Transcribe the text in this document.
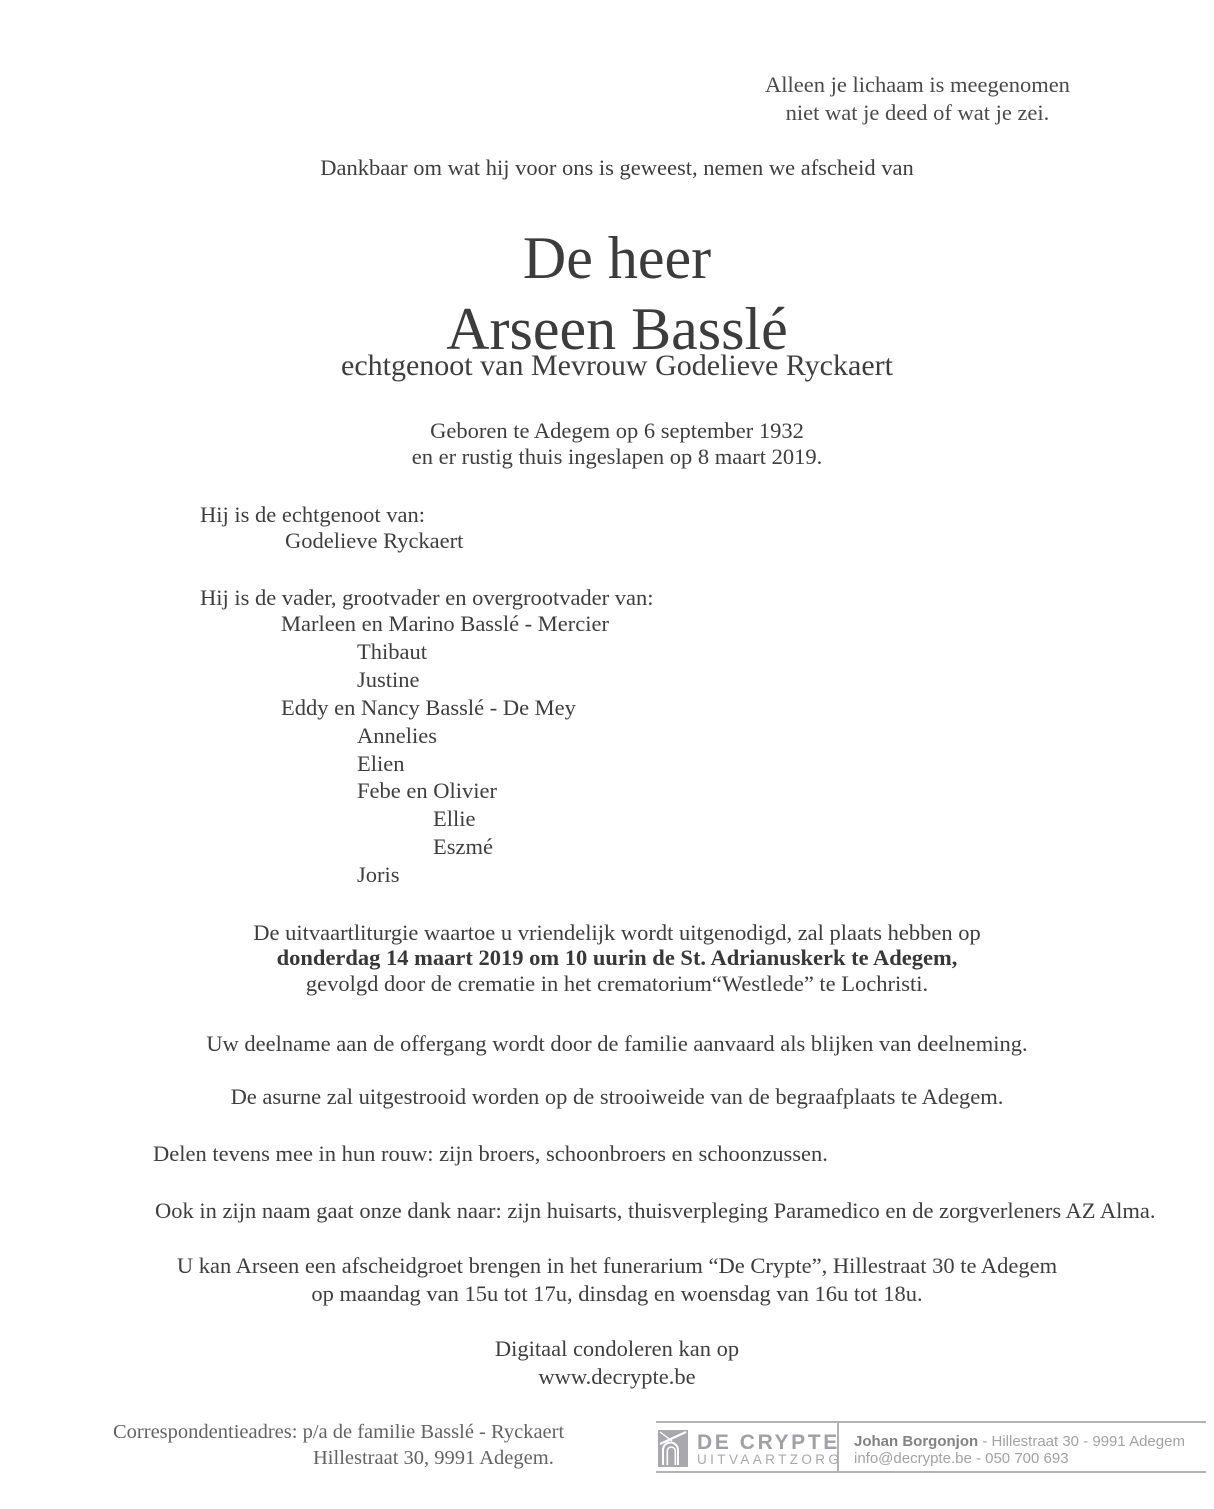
Alleen je lichaam is meegenomen
niet wat je deed of wat je zei.
Dankbaar om wat hij voor ons is geweest, nemen we afscheid van
De heer
Arseen Basslé
echtgenoot van Mevrouw Godelieve Ryckaert
Geboren te Adegem op 6 september 1932
en er rustig thuis ingeslapen op 8 maart 2019.
Hij is de echtgenoot van:
Godelieve Ryckaert
Hij is de vader, grootvader en overgrootvader van:
Marleen en Marino Basslé - Mercier
Thibaut
Justine
Eddy en Nancy Basslé - De Mey
Annelies
Elien
Febe en Olivier
Ellie
Eszmé
Joris
De uitvaartliturgie waartoe u vriendelijk wordt uitgenodigd, zal plaats hebben op
donderdag 14 maart 2019 om 10 uurin de St. Adrianuskerk te Adegem,
gevolgd door de crematie in het crematorium“Westlede” te Lochristi.
Uw deelname aan de offergang wordt door de familie aanvaard als blijken van deelneming.
De asurne zal uitgestrooid worden op de strooiweide van de begraafplaats te Adegem.
Delen tevens mee in hun rouw: zijn broers, schoonbroers en schoonzussen.
Ook in zijn naam gaat onze dank naar: zijn huisarts, thuisverpleging Paramedico en de zorgverleners AZ Alma.
U kan Arseen een afscheidgroet brengen in het funerarium “De Crypte”, Hillestraat 30 te Adegem
op maandag van 15u tot 17u, dinsdag en woensdag van 16u tot 18u.
Digitaal condoleren kan op
www.decrypte.be
Correspondentieadres: p/a de familie Basslé - Ryckaert
Hillestraat 30, 9991 Adegem.
DE CRYPTE
UITVAARTZORG
Johan Borgonjon - Hillestraat 30 - 9991 Adegem
info@decrypte.be - 050 700 693
